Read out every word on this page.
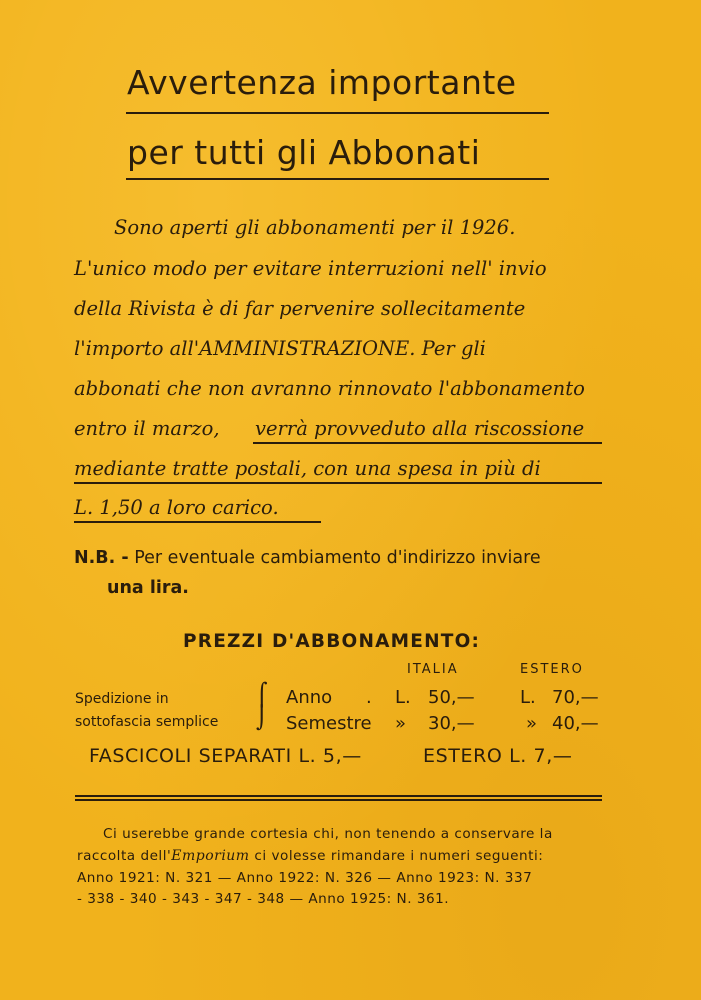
Avvertenza importante
per tutti gli Abbonati
Sono aperti gli abbonamenti per il 1926.
L'unico modo per evitare interruzioni nell' invio
della Rivista è di far pervenire sollecitamente
l'importo all'AMMINISTRAZIONE. Per gli
abbonati che non avranno rinnovato l'abbonamento
entro il marzo,	verrà provveduto alla riscossione
mediante tratte postali, con una spesa in più di
L. 1,50 a loro carico.
N.B. - Per eventuale cambiamento d'indirizzo inviare
una lira.
PREZZI D'ABBONAMENTO:
ITALIA	ESTERO
Spedizione in
sottofascia semplice
⌠
⌡
Anno . L. 50,—	L. 70,—
Semestre » 30,—	» 40,—
FASCICOLI SEPARATI L. 5,—	ESTERO L. 7,—
Ci userebbe grande cortesia chi, non tenendo a conservare la
raccolta dell'Emporium ci volesse rimandare i numeri seguenti:
Anno 1921: N. 321 — Anno 1922: N. 326 — Anno 1923: N. 337
- 338 - 340 - 343 - 347 - 348 — Anno 1925: N. 361.
